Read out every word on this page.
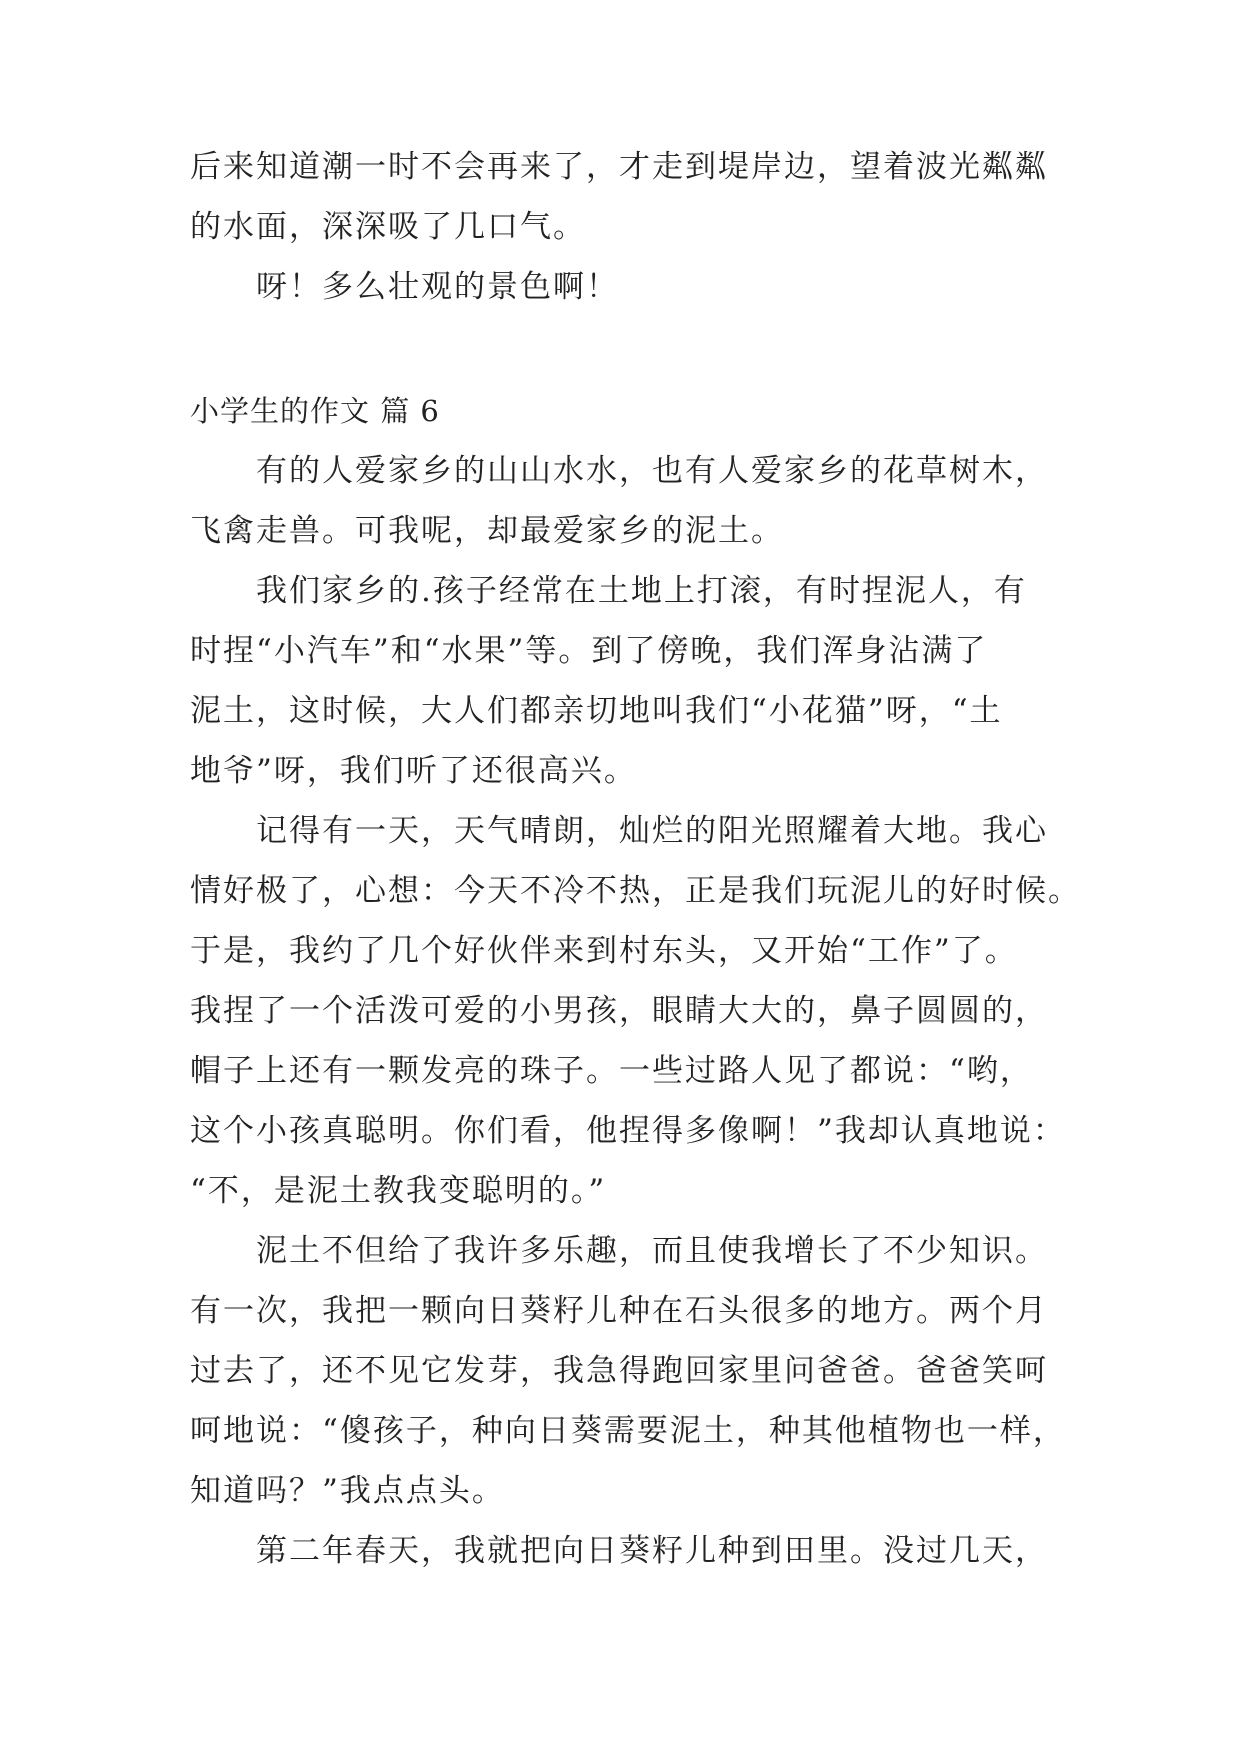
后来知道潮一时不会再来了，才走到堤岸边，望着波光粼粼
的水面，深深吸了几口气。
呀！多么壮观的景色啊！
小学生的作文 篇 6
有的人爱家乡的山山水水，也有人爱家乡的花草树木，
飞禽走兽。可我呢，却最爱家乡的泥土。
我们家乡的.孩子经常在土地上打滚，有时捏泥人，有
时捏“小汽车”和“水果”等。到了傍晚，我们浑身沾满了
泥土，这时候，大人们都亲切地叫我们“小花猫”呀，“土
地爷”呀，我们听了还很高兴。
记得有一天，天气晴朗，灿烂的阳光照耀着大地。我心
情好极了，心想：今天不冷不热，正是我们玩泥儿的好时候。
于是，我约了几个好伙伴来到村东头，又开始“工作”了。
我捏了一个活泼可爱的小男孩，眼睛大大的，鼻子圆圆的，
帽子上还有一颗发亮的珠子。一些过路人见了都说：“哟，
这个小孩真聪明。你们看，他捏得多像啊！”我却认真地说：
“不，是泥土教我变聪明的。”
泥土不但给了我许多乐趣，而且使我增长了不少知识。
有一次，我把一颗向日葵籽儿种在石头很多的地方。两个月
过去了，还不见它发芽，我急得跑回家里问爸爸。爸爸笑呵
呵地说：“傻孩子，种向日葵需要泥土，种其他植物也一样，
知道吗？”我点点头。
第二年春天，我就把向日葵籽儿种到田里。没过几天，
